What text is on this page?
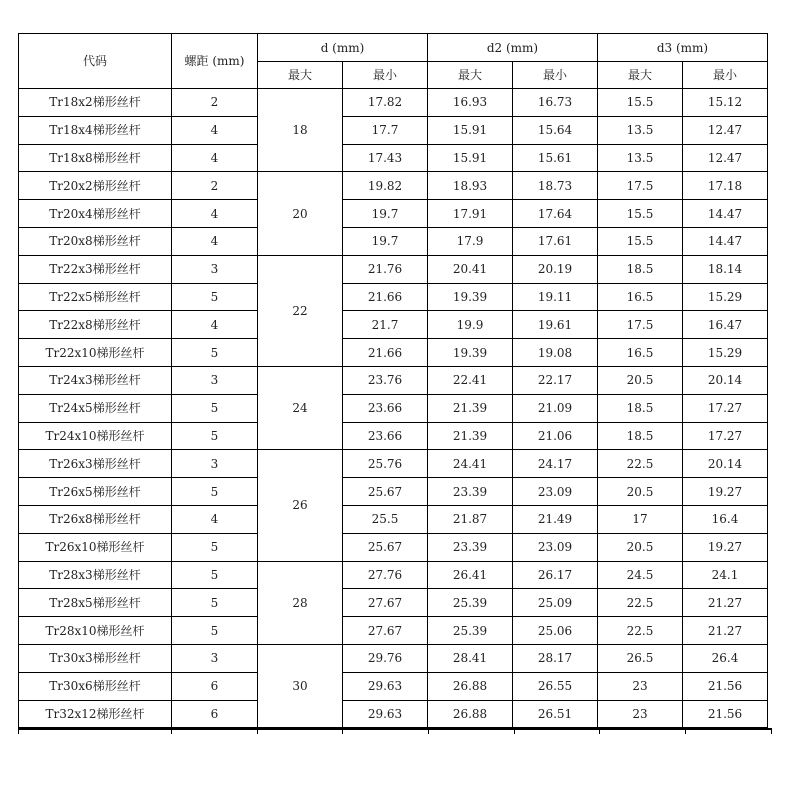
代码	螺距 (mm)	d (mm)		d2 (mm)		d3 (mm)	
		最大	最小	最大	最小	最大	最小
Tr18x2梯形丝杆	2	18	17.82	16.93	16.73	15.5	15.12
Tr18x4梯形丝杆	4		17.7	15.91	15.64	13.5	12.47
Tr18x8梯形丝杆	4		17.43	15.91	15.61	13.5	12.47
Tr20x2梯形丝杆	2	20	19.82	18.93	18.73	17.5	17.18
Tr20x4梯形丝杆	4		19.7	17.91	17.64	15.5	14.47
Tr20x8梯形丝杆	4		19.7	17.9	17.61	15.5	14.47
Tr22x3梯形丝杆	3	22	21.76	20.41	20.19	18.5	18.14
Tr22x5梯形丝杆	5		21.66	19.39	19.11	16.5	15.29
Tr22x8梯形丝杆	4		21.7	19.9	19.61	17.5	16.47
Tr22x10梯形丝杆	5		21.66	19.39	19.08	16.5	15.29
Tr24x3梯形丝杆	3	24	23.76	22.41	22.17	20.5	20.14
Tr24x5梯形丝杆	5		23.66	21.39	21.09	18.5	17.27
Tr24x10梯形丝杆	5		23.66	21.39	21.06	18.5	17.27
Tr26x3梯形丝杆	3	26	25.76	24.41	24.17	22.5	20.14
Tr26x5梯形丝杆	5		25.67	23.39	23.09	20.5	19.27
Tr26x8梯形丝杆	4		25.5	21.87	21.49	17	16.4
Tr26x10梯形丝杆	5		25.67	23.39	23.09	20.5	19.27
Tr28x3梯形丝杆	5	28	27.76	26.41	26.17	24.5	24.1
Tr28x5梯形丝杆	5		27.67	25.39	25.09	22.5	21.27
Tr28x10梯形丝杆	5		27.67	25.39	25.06	22.5	21.27
Tr30x3梯形丝杆	3	30	29.76	28.41	28.17	26.5	26.4
Tr30x6梯形丝杆	6		29.63	26.88	26.55	23	21.56
Tr32x12梯形丝杆	6		29.63	26.88	26.51	23	21.56
